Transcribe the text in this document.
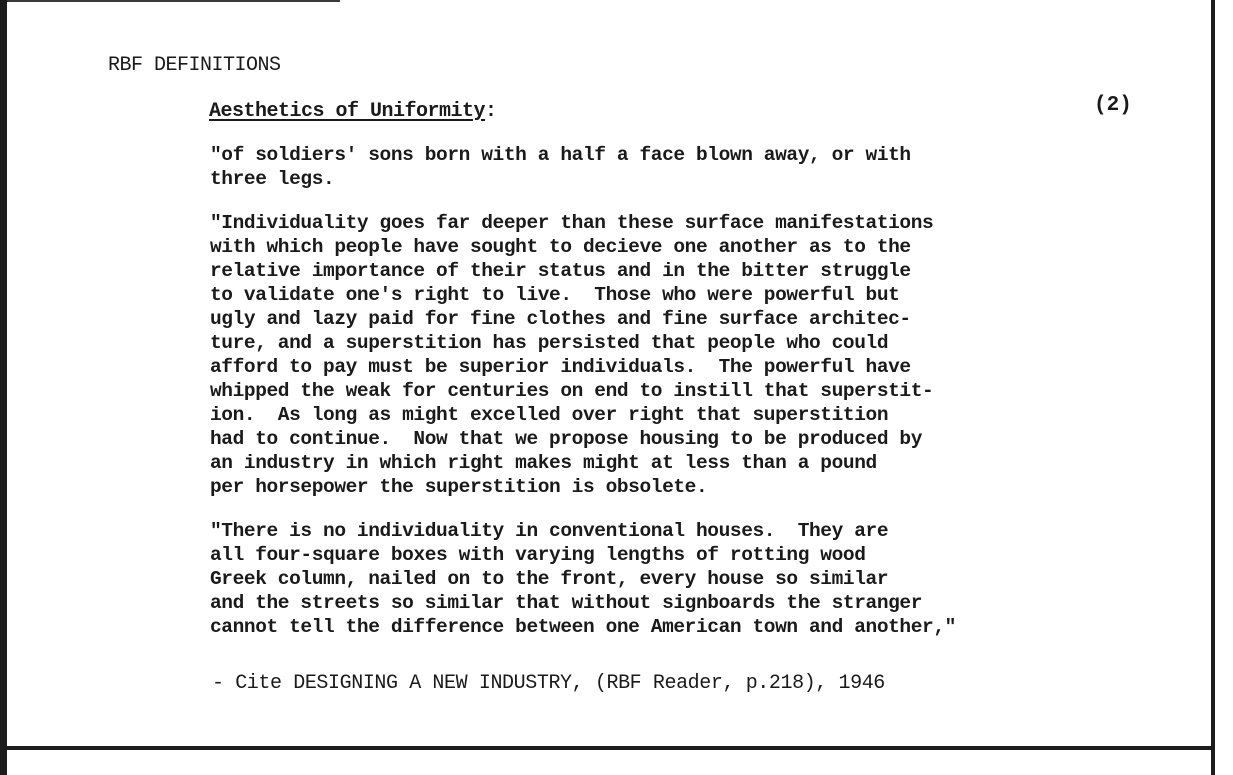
RBF DEFINITIONS
Aesthetics of Uniformity:	(2)
"of soldiers' sons born with a half a face blown away, or with
three legs.
"Individuality goes far deeper than these surface manifestations
with which people have sought to decieve one another as to the
relative importance of their status and in the bitter struggle
to validate one's right to live.  Those who were powerful but
ugly and lazy paid for fine clothes and fine surface architec-
ture, and a superstition has persisted that people who could
afford to pay must be superior individuals.  The powerful have
whipped the weak for centuries on end to instill that superstit-
ion.  As long as might excelled over right that superstition
had to continue.  Now that we propose housing to be produced by
an industry in which right makes might at less than a pound
per horsepower the superstition is obsolete.
"There is no individuality in conventional houses.  They are
all four-square boxes with varying lengths of rotting wood
Greek column, nailed on to the front, every house so similar
and the streets so similar that without signboards the stranger
cannot tell the difference between one American town and another,"
- Cite DESIGNING A NEW INDUSTRY, (RBF Reader, p.218), 1946
